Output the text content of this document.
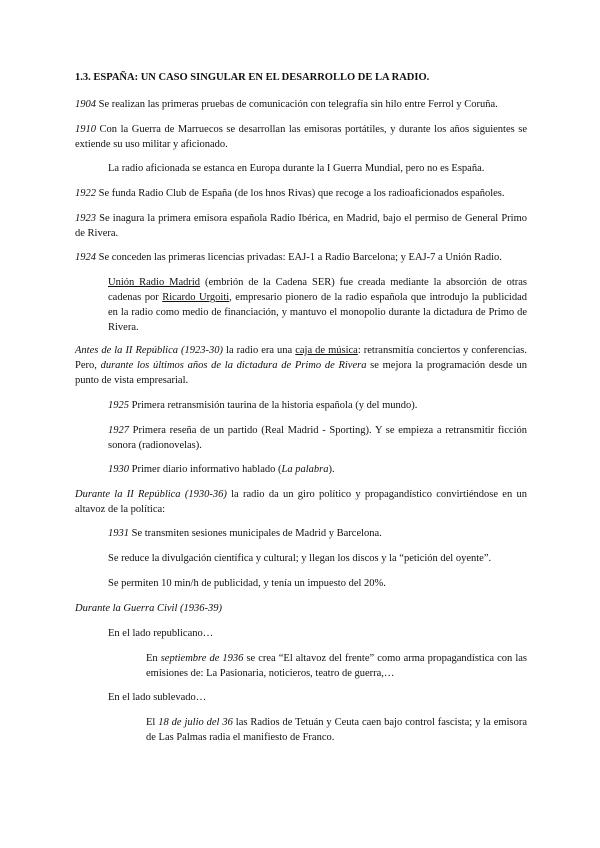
1.3. ESPAÑA: UN CASO SINGULAR EN EL DESARROLLO DE LA RADIO.

1904 Se realizan las primeras pruebas de comunicación con telegrafía sin hilo entre Ferrol y Coruña.

1910 Con la Guerra de Marruecos se desarrollan las emisoras portátiles, y durante los años siguientes se extiende su uso militar y aficionado.

La radio aficionada se estanca en Europa durante la I Guerra Mundial, pero no es España.

1922 Se funda Radio Club de España (de los hnos Rivas) que recoge a los radioaficionados españoles.

1923 Se inagura la primera emisora española Radio Ibérica, en Madrid, bajo el permiso de General Primo de Rivera.

1924 Se conceden las primeras licencias privadas: EAJ-1 a Radio Barcelona; y EAJ-7 a Unión Radio.

Unión Radio Madrid (embrión de la Cadena SER) fue creada mediante la absorción de otras cadenas por Ricardo Urgoiti, empresario pionero de la radio española que introdujo la publicidad en la radio como medio de financiación, y mantuvo el monopolio durante la dictadura de Primo de Rivera.

Antes de la II República (1923-30) la radio era una caja de música: retransmitía conciertos y conferencias. Pero, durante los últimos años de la dictadura de Primo de Rivera se mejora la programación desde un punto de vista empresarial.

1925 Primera retransmisión taurina de la historia española (y del mundo).

1927 Primera reseña de un partido (Real Madrid - Sporting). Y se empieza a retransmitir ficción sonora (radionovelas).

1930 Primer diario informativo hablado (La palabra).

Durante la II República (1930-36) la radio da un giro político y propagandístico convirtiéndose en un altavoz de la política:

1931 Se transmiten sesiones municipales de Madrid y Barcelona.

Se reduce la divulgación científica y cultural; y llegan los discos y la “petición del oyente”.

Se permiten 10 min/h de publicidad, y tenía un impuesto del 20%.

Durante la Guerra Civil (1936-39)

En el lado republicano…

En septiembre de 1936 se crea “El altavoz del frente” como arma propagandística con las emisiones de: La Pasionaria, noticieros, teatro de guerra,…

En el lado sublevado…

El 18 de julio del 36 las Radios de Tetuán y Ceuta caen bajo control fascista; y la emisora de Las Palmas radia el manifiesto de Franco.
